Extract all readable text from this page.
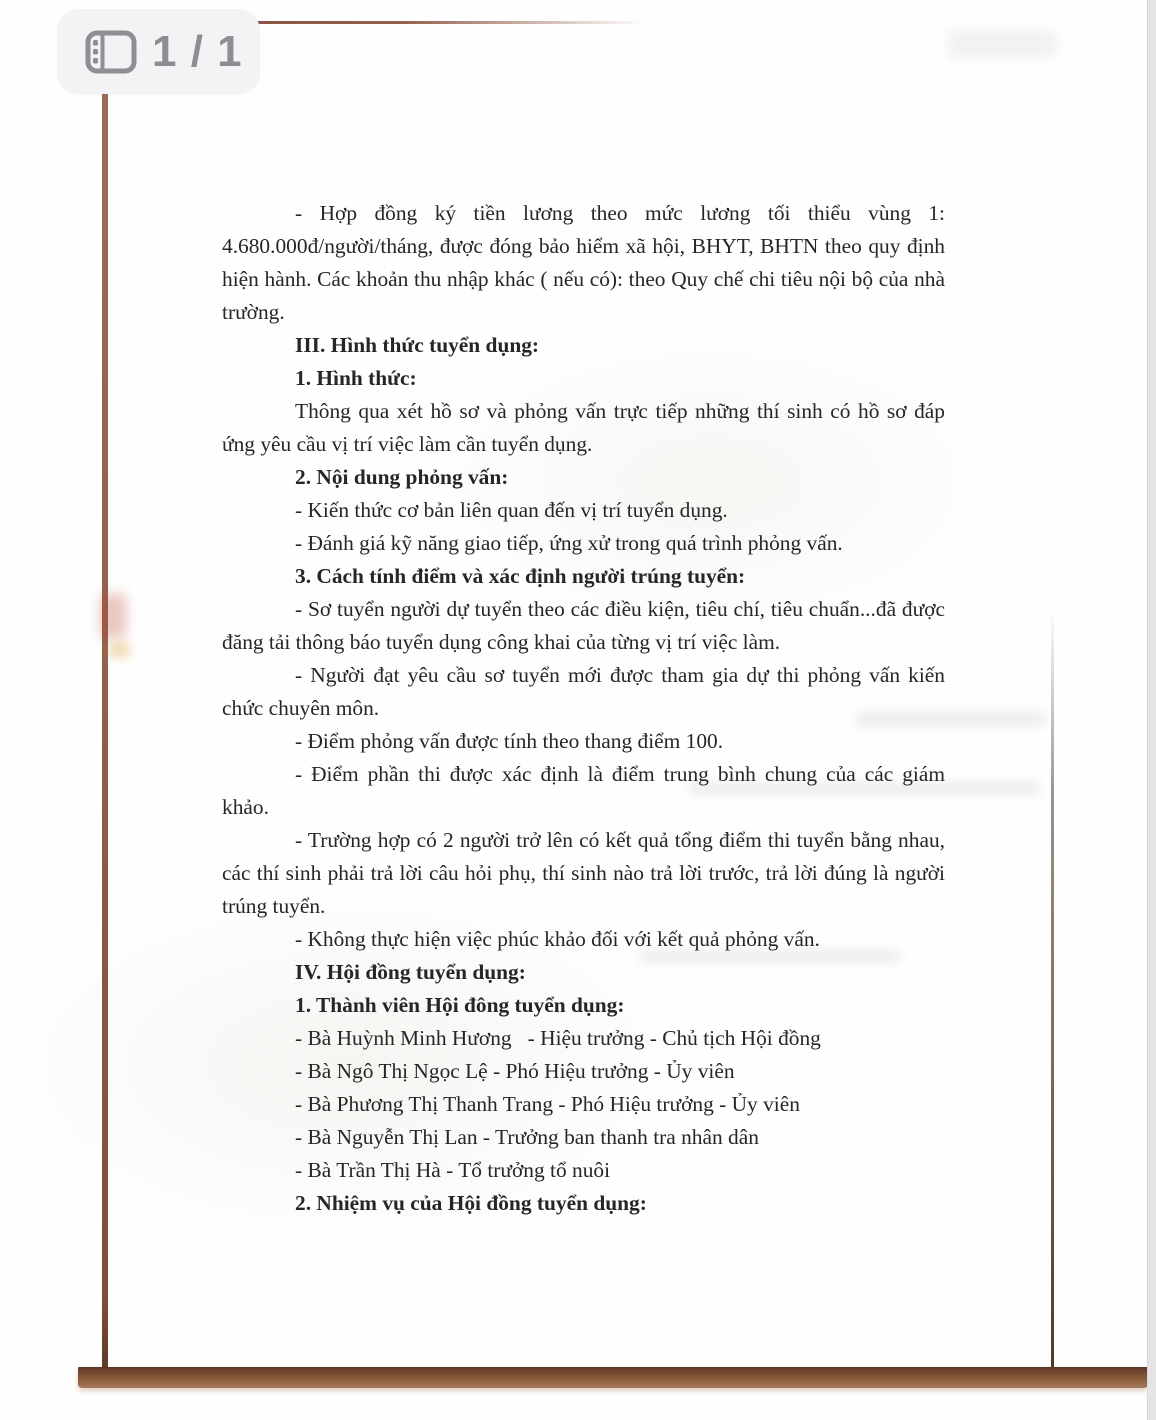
- Hợp đồng ký tiền lương theo mức lương tối thiểu vùng 1: 4.680.000đ/người/tháng, được đóng bảo hiểm xã hội, BHYT, BHTN theo quy định hiện hành. Các khoản thu nhập khác ( nếu có): theo Quy chế chi tiêu nội bộ của nhà trường.

III. Hình thức tuyển dụng:

1. Hình thức:

Thông qua xét hồ sơ và phỏng vấn trực tiếp những thí sinh có hồ sơ đáp ứng yêu cầu vị trí việc làm cần tuyển dụng.

2. Nội dung phỏng vấn:

- Kiến thức cơ bản liên quan đến vị trí tuyển dụng.

- Đánh giá kỹ năng giao tiếp, ứng xử trong quá trình phỏng vấn.

3. Cách tính điểm và xác định người trúng tuyển:

- Sơ tuyển người dự tuyển theo các điều kiện, tiêu chí, tiêu chuẩn...đã được đăng tải thông báo tuyển dụng công khai của từng vị trí việc làm.

- Người đạt yêu cầu sơ tuyển mới được tham gia dự thi phỏng vấn kiến chức chuyên môn.

- Điểm phỏng vấn được tính theo thang điểm 100.

- Điểm phần thi được xác định là điểm trung bình chung của các giám khảo.

- Trường hợp có 2 người trở lên có kết quả tổng điểm thi tuyển bằng nhau, các thí sinh phải trả lời câu hỏi phụ, thí sinh nào trả lời trước, trả lời đúng là người trúng tuyển.

- Không thực hiện việc phúc khảo đối với kết quả phỏng vấn.

IV. Hội đồng tuyển dụng:

1. Thành viên Hội đông tuyển dụng:

- Bà Huỳnh Minh Hương   - Hiệu trưởng - Chủ tịch Hội đồng

- Bà Ngô Thị Ngọc Lệ - Phó Hiệu trưởng - Ủy viên

- Bà Phương Thị Thanh Trang - Phó Hiệu trưởng - Ủy viên

- Bà Nguyễn Thị Lan - Trưởng ban thanh tra nhân dân

- Bà Trần Thị Hà - Tổ trưởng tổ nuôi

2. Nhiệm vụ của Hội đồng tuyển dụng:

1 / 1
